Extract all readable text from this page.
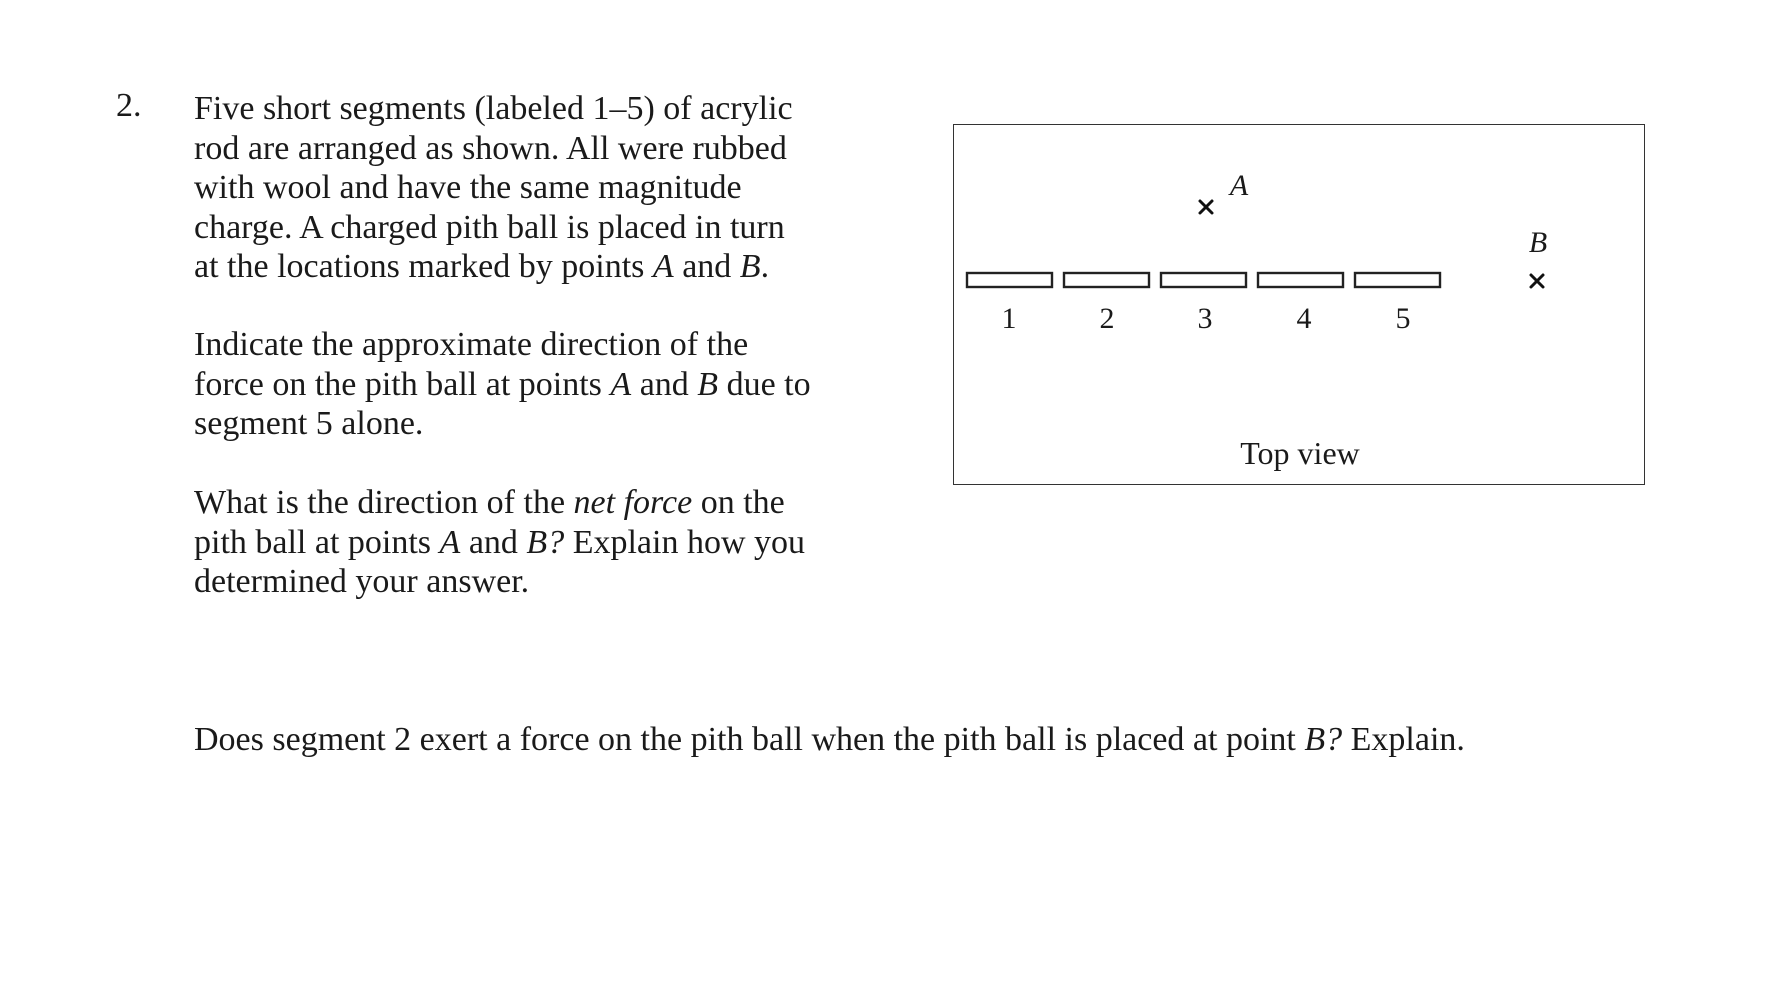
2. Five short segments (labeled 1–5) of acrylic
rod are arranged as shown. All were rubbed
with wool and have the same magnitude
charge. A charged pith ball is placed in turn
at the locations marked by points A and B.

Indicate the approximate direction of the
force on the pith ball at points A and B due to
segment 5 alone.

What is the direction of the net force on the
pith ball at points A and B? Explain how you
determined your answer.

Does segment 2 exert a force on the pith ball when the pith ball is placed at point B? Explain.

1	2	3	4	5
A
B
Top view
